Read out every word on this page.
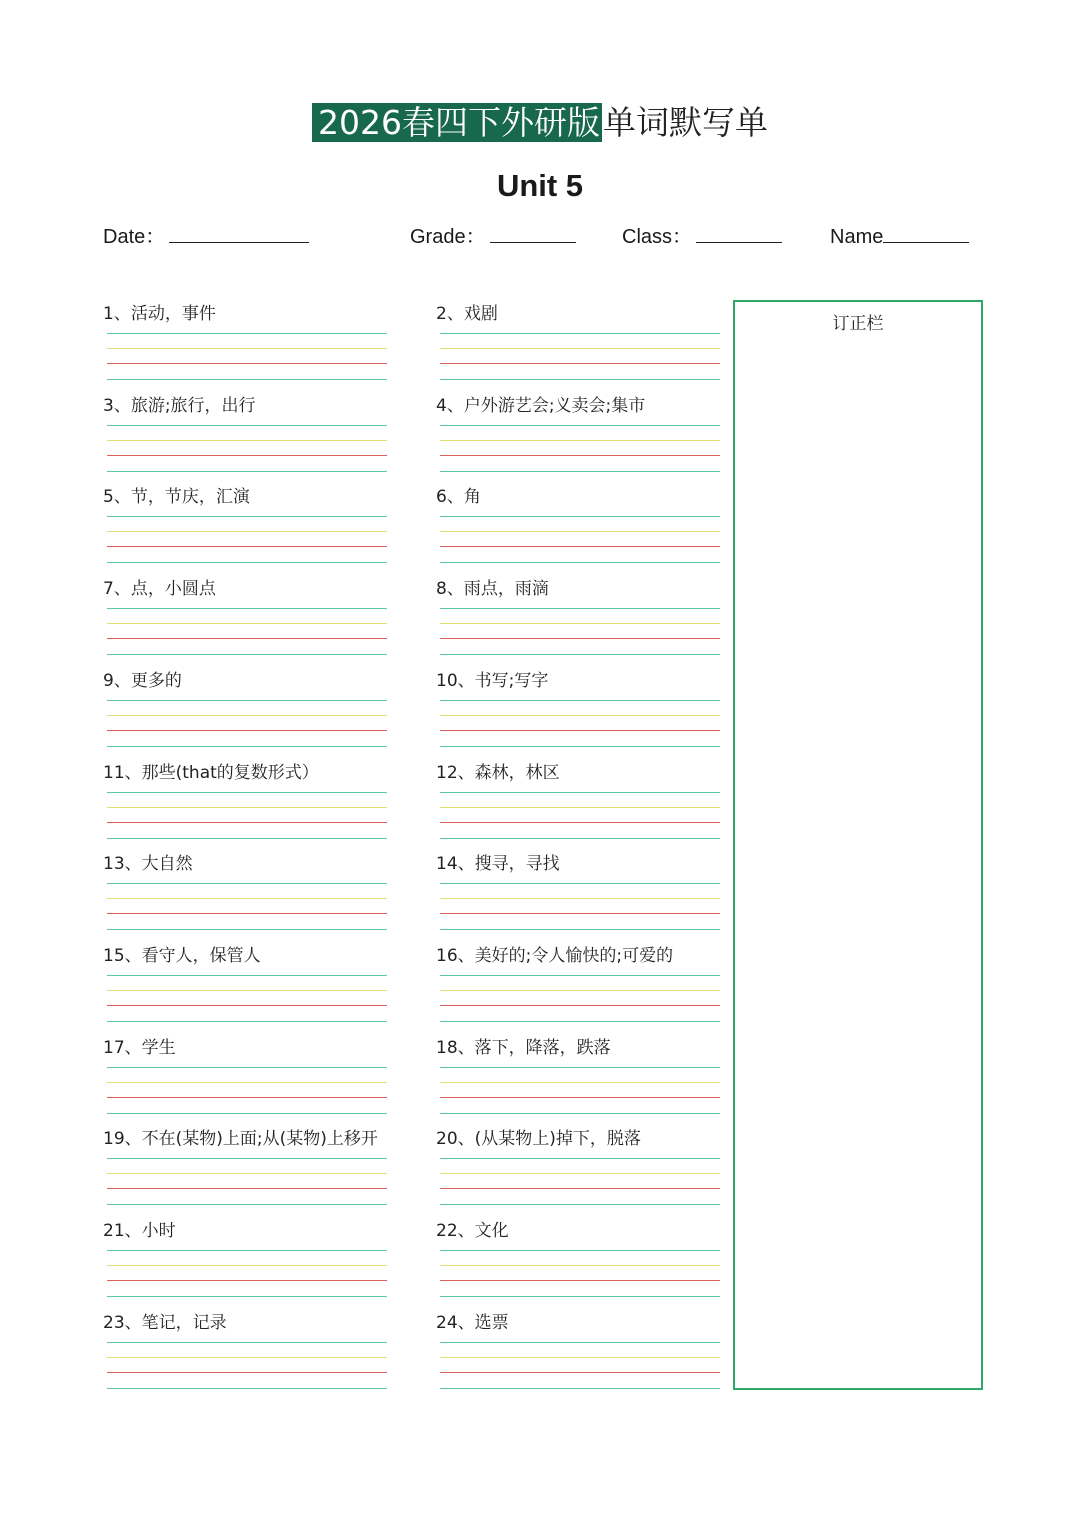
2026春四下外研版单词默写单
Unit 5
Date：	Grade：	Class：	Name
1、活动，事件	2、戏剧
3、旅游;旅行，出行	4、户外游艺会;义卖会;集市
5、节，节庆，汇演	6、角
7、点，小圆点	8、雨点，雨滴
9、更多的	10、书写;写字
11、那些(that的复数形式）	12、森林，林区
13、大自然	14、搜寻，寻找
15、看守人，保管人	16、美好的;令人愉快的;可爱的
17、学生	18、落下，降落，跌落
19、不在(某物)上面;从(某物)上移开	20、(从某物上)掉下，脱落
21、小时	22、文化
23、笔记，记录	24、选票
订正栏
